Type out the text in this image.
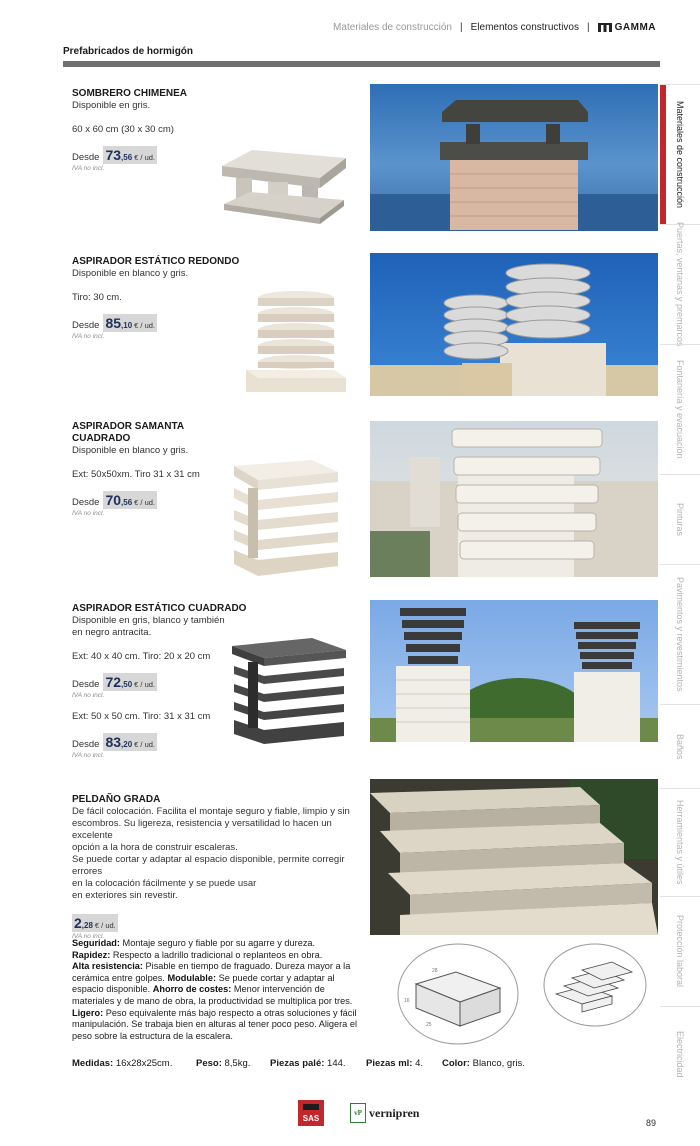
Materiales de construcción | Elementos constructivos |	GAMMA
Prefabricados de hormigón
SOMBRERO CHIMENEA
Disponible en gris.
60 x 60 cm (30 x 30 cm)
Desde 73 ,56 € / ud.
IVA no incl.
ASPIRADOR ESTÁTICO REDONDO
Disponible en blanco y gris.
Tiro: 30 cm.
Desde 85 ,10 € / ud.
IVA no incl.
ASPIRADOR SAMANTA
CUADRADO
Disponible en blanco y gris.
Ext: 50x50xm. Tiro 31 x 31 cm
Desde 70 ,56 € / ud.
IVA no incl.
ASPIRADOR ESTÁTICO CUADRADO
Disponible en gris, blanco y también
en negro antracita.
Ext: 40 x 40 cm. Tiro: 20 x 20 cm
Desde 72 ,50 € / ud.
IVA no incl.
Ext: 50 x 50 cm. Tiro: 31 x 31 cm
Desde 83 ,20 € / ud.
IVA no incl.
PELDAÑO GRADA
De fácil colocación. Facilita el montaje seguro y fiable, limpio y sin
escombros. Su ligereza, resistencia y versatilidad lo hacen un excelente
opción a la hora de construir escaleras.
Se puede cortar y adaptar al espacio disponible, permite corregir errores
en la colocación fácilmente y se puede usar
en exteriores sin revestir.
2 ,28 € / ud.
IVA no incl.
Seguridad: Montaje seguro y fiable por su agarre y dureza.
Rapidez: Respecto a ladrillo tradicional o replanteos en obra.
Alta resistencia: Pisable en tiempo de fraguado. Dureza mayor a la cerámica entre golpes. Modulable: Se puede cortar y adaptar al espacio disponible. Ahorro de costes: Menor intervención de materiales y de mano de obra, la productividad se multiplica por tres. Ligero: Peso equivalente más bajo respecto a otras soluciones y fácil manipulación. Se trabaja bien en alturas al tener poco peso. Aligera el peso sobre la estructura de la escalera.
28
16
25
Medidas: 16x28x25cm.	Peso: 8,5kg.	Piezas palé: 144.	Piezas ml: 4.	Color: Blanco, gris.
Materiales de construcción
Puertas, ventanas y premarcos
Fontanería y evacuación
Pinturas
Pavimentos y revestimientos
Baños
Herramientas y útiles
Protección laboral
Electricidad
SAS
vP vernipren
89
